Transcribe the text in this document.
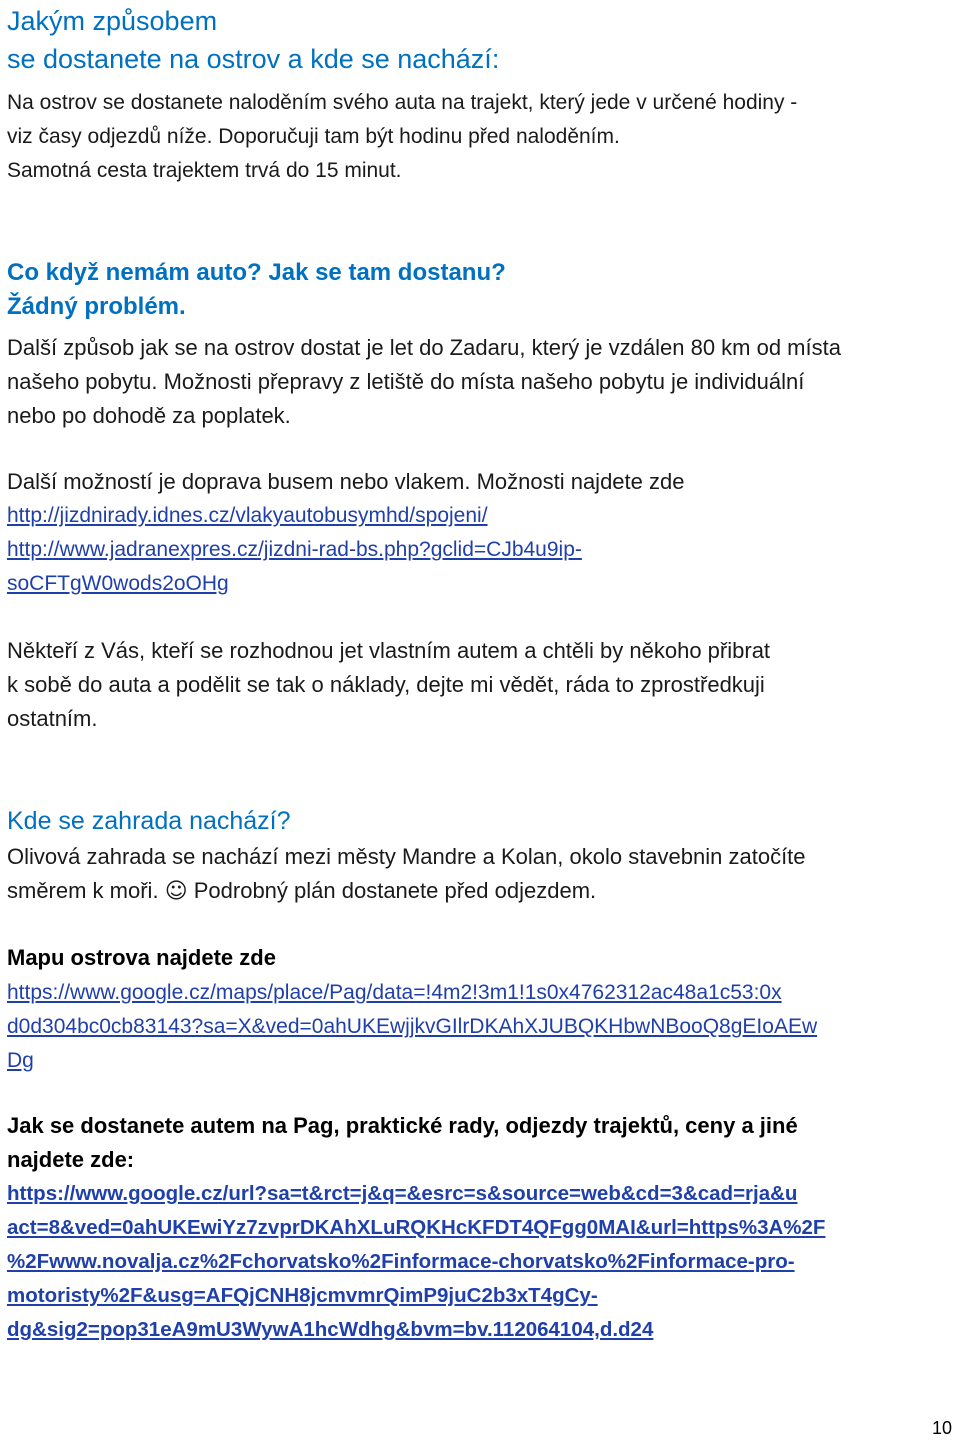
Jakým způsobem
se dostanete na ostrov a kde se nachází:
Na ostrov se dostanete naloděním svého auta na trajekt, který jede v určené hodiny -
viz časy odjezdů níže. Doporučuji tam být hodinu před naloděním.
Samotná cesta trajektem trvá do 15 minut.
Co když nemám auto? Jak se tam dostanu?
Žádný problém.
Další způsob jak se na ostrov dostat je let do Zadaru, který je vzdálen 80 km od místa
našeho pobytu. Možnosti přepravy z letiště do místa našeho pobytu je individuální
nebo po dohodě za poplatek.
Další možností je doprava busem nebo vlakem. Možnosti najdete zde
http://jizdnirady.idnes.cz/vlakyautobusymhd/spojeni/
http://www.jadranexpres.cz/jizdni-rad-bs.php?gclid=CJb4u9ip-
soCFTgW0wods2oOHg
Někteří z Vás, kteří se rozhodnou jet vlastním autem a chtěli by někoho přibrat
k sobě do auta a podělit se tak o náklady, dejte mi vědět, ráda to zprostředkuji
ostatním.
Kde se zahrada nachází?
Olivová zahrada se nachází mezi městy Mandre a Kolan, okolo stavebnin zatočíte
směrem k moři. ☺ Podrobný plán dostanete před odjezdem.
Mapu ostrova najdete zde
https://www.google.cz/maps/place/Pag/data=!4m2!3m1!1s0x4762312ac48a1c53:0x
d0d304bc0cb83143?sa=X&ved=0ahUKEwjjkvGIlrDKAhXJUBQKHbwNBooQ8gEIoAEw
Dg
Jak se dostanete autem na Pag, praktické rady, odjezdy trajektů, ceny a jiné
najdete zde:
https://www.google.cz/url?sa=t&rct=j&q=&esrc=s&source=web&cd=3&cad=rja&u
act=8&ved=0ahUKEwiYz7zvprDKAhXLuRQKHcKFDT4QFgg0MAI&url=https%3A%2F
%2Fwww.novalja.cz%2Fchorvatsko%2Finformace-chorvatsko%2Finformace-pro-
motoristy%2F&usg=AFQjCNH8jcmvmrQimP9juC2b3xT4gCy-
dg&sig2=pop31eA9mU3WywA1hcWdhg&bvm=bv.112064104,d.d24
10
